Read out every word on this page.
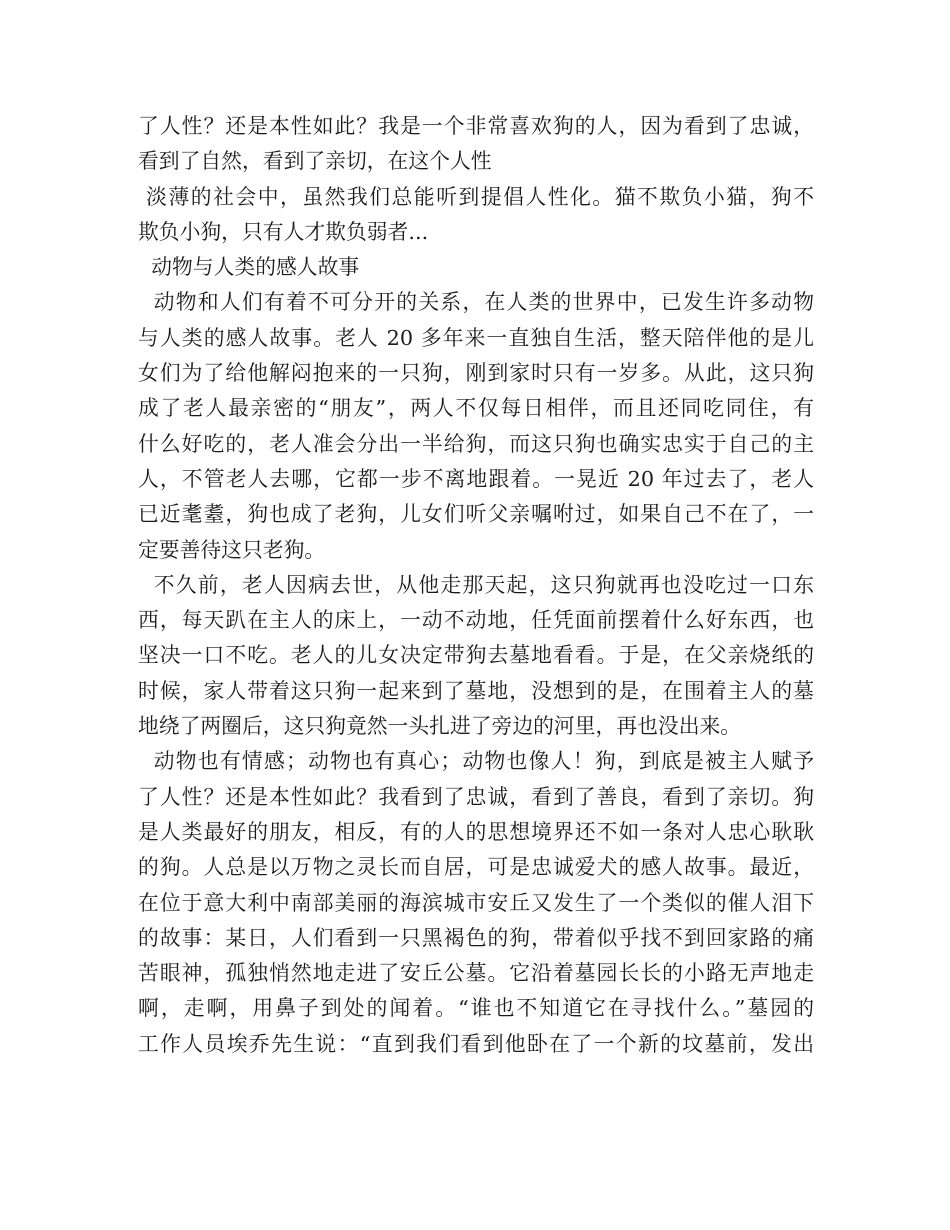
了人性？还是本性如此？我是一个非常喜欢狗的人，因为看到了忠诚，
看到了自然，看到了亲切，在这个人性
淡薄的社会中，虽然我们总能听到提倡人性化。猫不欺负小猫，狗不
欺负小狗，只有人才欺负弱者...
动物与人类的感人故事
动物和人们有着不可分开的关系，在人类的世界中，已发生许多动物
与人类的感人故事。老人 20 多年来一直独自生活，整天陪伴他的是儿
女们为了给他解闷抱来的一只狗，刚到家时只有一岁多。从此，这只狗
成了老人最亲密的“朋友”，两人不仅每日相伴，而且还同吃同住，有
什么好吃的，老人准会分出一半给狗，而这只狗也确实忠实于自己的主
人，不管老人去哪，它都一步不离地跟着。一晃近 20 年过去了，老人
已近耄耋，狗也成了老狗，儿女们听父亲嘱咐过，如果自己不在了，一
定要善待这只老狗。
不久前，老人因病去世，从他走那天起，这只狗就再也没吃过一口东
西，每天趴在主人的床上，一动不动地，任凭面前摆着什么好东西，也
坚决一口不吃。老人的儿女决定带狗去墓地看看。于是，在父亲烧纸的
时候，家人带着这只狗一起来到了墓地，没想到的是，在围着主人的墓
地绕了两圈后，这只狗竟然一头扎进了旁边的河里，再也没出来。
动物也有情感；动物也有真心；动物也像人！狗，到底是被主人赋予
了人性？还是本性如此？我看到了忠诚，看到了善良，看到了亲切。狗
是人类最好的朋友，相反，有的人的思想境界还不如一条对人忠心耿耿
的狗。人总是以万物之灵长而自居，可是忠诚爱犬的感人故事。最近，
在位于意大利中南部美丽的海滨城市安丘又发生了一个类似的催人泪下
的故事：某日，人们看到一只黑褐色的狗，带着似乎找不到回家路的痛
苦眼神，孤独悄然地走进了安丘公墓。它沿着墓园长长的小路无声地走
啊，走啊，用鼻子到处的闻着。“谁也不知道它在寻找什么。”墓园的
工作人员埃乔先生说：“直到我们看到他卧在了一个新的坟墓前，发出
